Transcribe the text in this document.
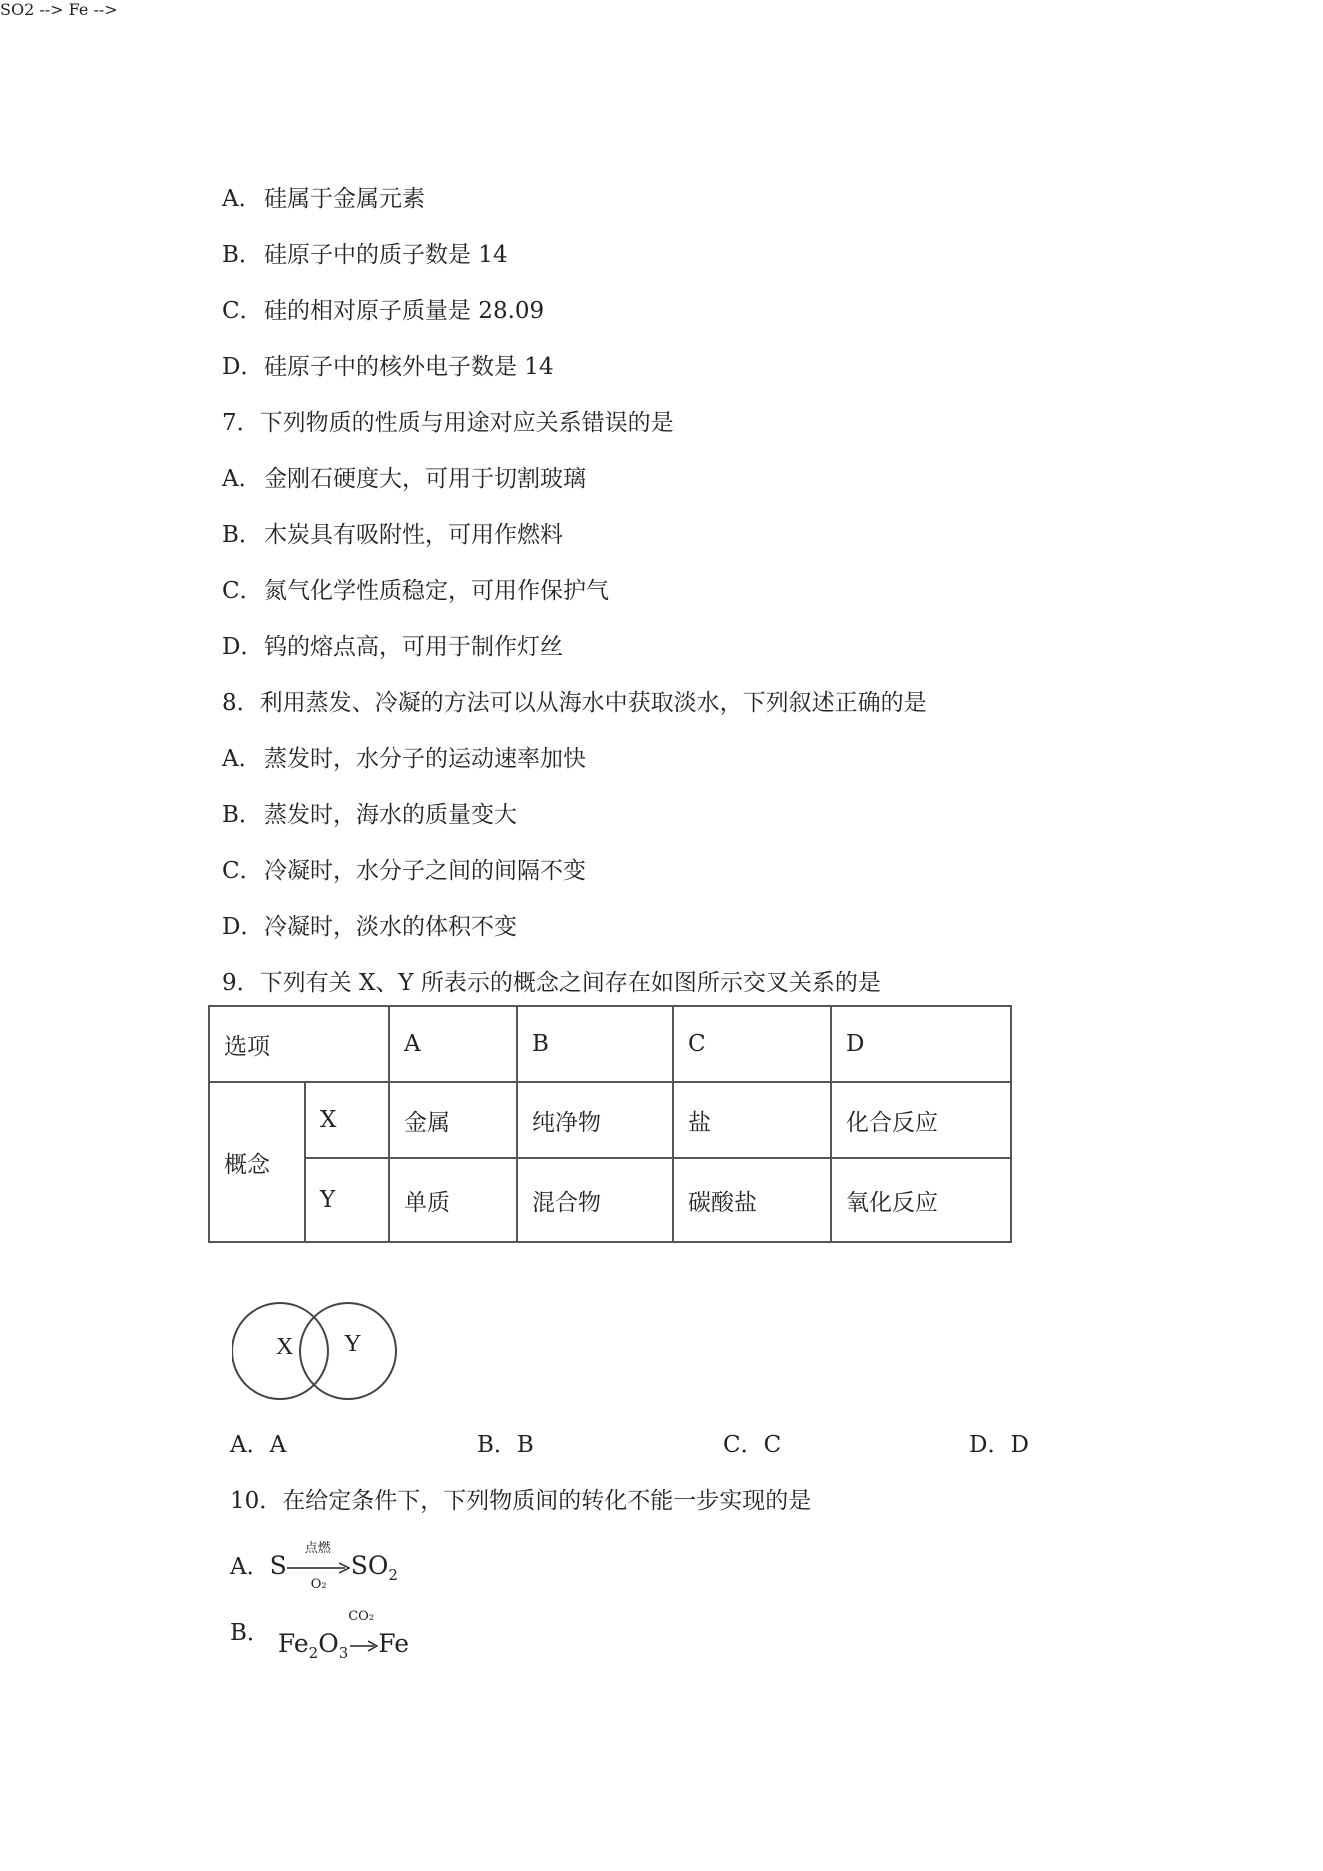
A． 硅属于金属元素
B．硅原子中的质子数是 14
C．硅的相对原子质量是 28.09
D．硅原子中的核外电子数是 14
7．下列物质的性质与用途对应关系错误的是
A． 金刚石硬度大，可用于切割玻璃
B．木炭具有吸附性，可用作燃料
C．氮气化学性质稳定，可用作保护气
D．钨的熔点高，可用于制作灯丝
8．利用蒸发、冷凝的方法可以从海水中获取淡水，下列叙述正确的是
A． 蒸发时，水分子的运动速率加快
B．蒸发时，海水的质量变大
C．冷凝时，水分子之间的间隔不变
D．冷凝时，淡水的体积不变
9．下列有关 X、Y 所表示的概念之间存在如图所示交叉关系的是
选项		A	B	C	D
概念	X	金属	纯净物	盐	化合反应
	Y	单质	混合物	碳酸盐	氧化反应
X Y
A．A	B．B	C．C	D．D
10．在给定条件下，下列物质间的转化不能一步实现的是
SO2 -->
A．S
点燃
O₂
$SO_2$
Fe -->
B． $Fe_2O_3$
CO₂
Fe
